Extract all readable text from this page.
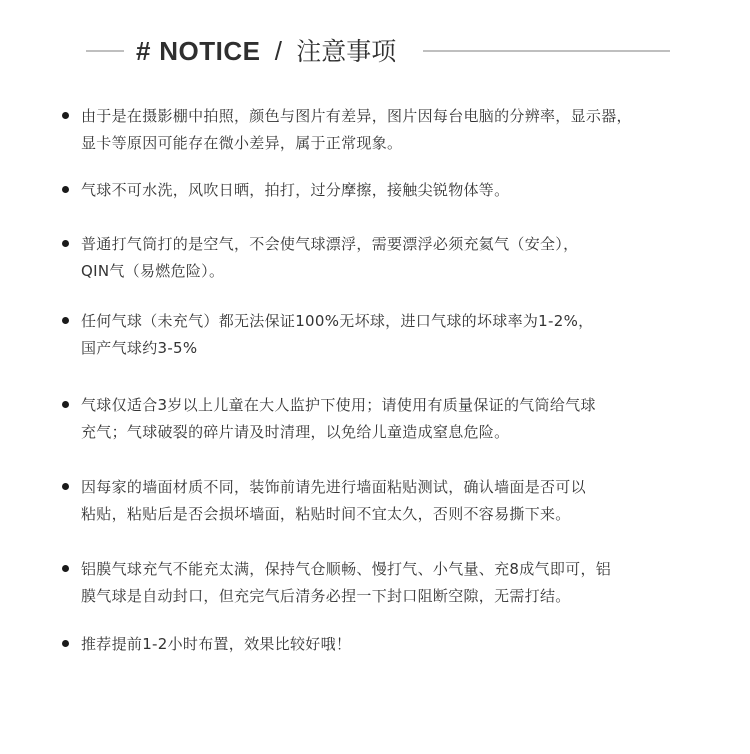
# NOTICE / 注意事项
由于是在摄影棚中拍照，颜色与图片有差异，图片因每台电脑的分辨率，显示器，
显卡等原因可能存在微小差异，属于正常现象。
气球不可水洗，风吹日晒，拍打，过分摩擦，接触尖锐物体等。
普通打气筒打的是空气，不会使气球漂浮，需要漂浮必须充氦气（安全），
QIN气（易燃危险）。
任何气球（未充气）都无法保证100%无坏球，进口气球的坏球率为1-2%，
国产气球约3-5%
气球仅适合3岁以上儿童在大人监护下使用；请使用有质量保证的气筒给气球
充气；气球破裂的碎片请及时清理，以免给儿童造成窒息危险。
因每家的墙面材质不同，装饰前请先进行墙面粘贴测试，确认墙面是否可以
粘贴，粘贴后是否会损坏墙面，粘贴时间不宜太久，否则不容易撕下来。
铝膜气球充气不能充太满，保持气仓顺畅、慢打气、小气量、充8成气即可，铝
膜气球是自动封口，但充完气后清务必捏一下封口阻断空隙，无需打结。
推荐提前1-2小时布置，效果比较好哦！
